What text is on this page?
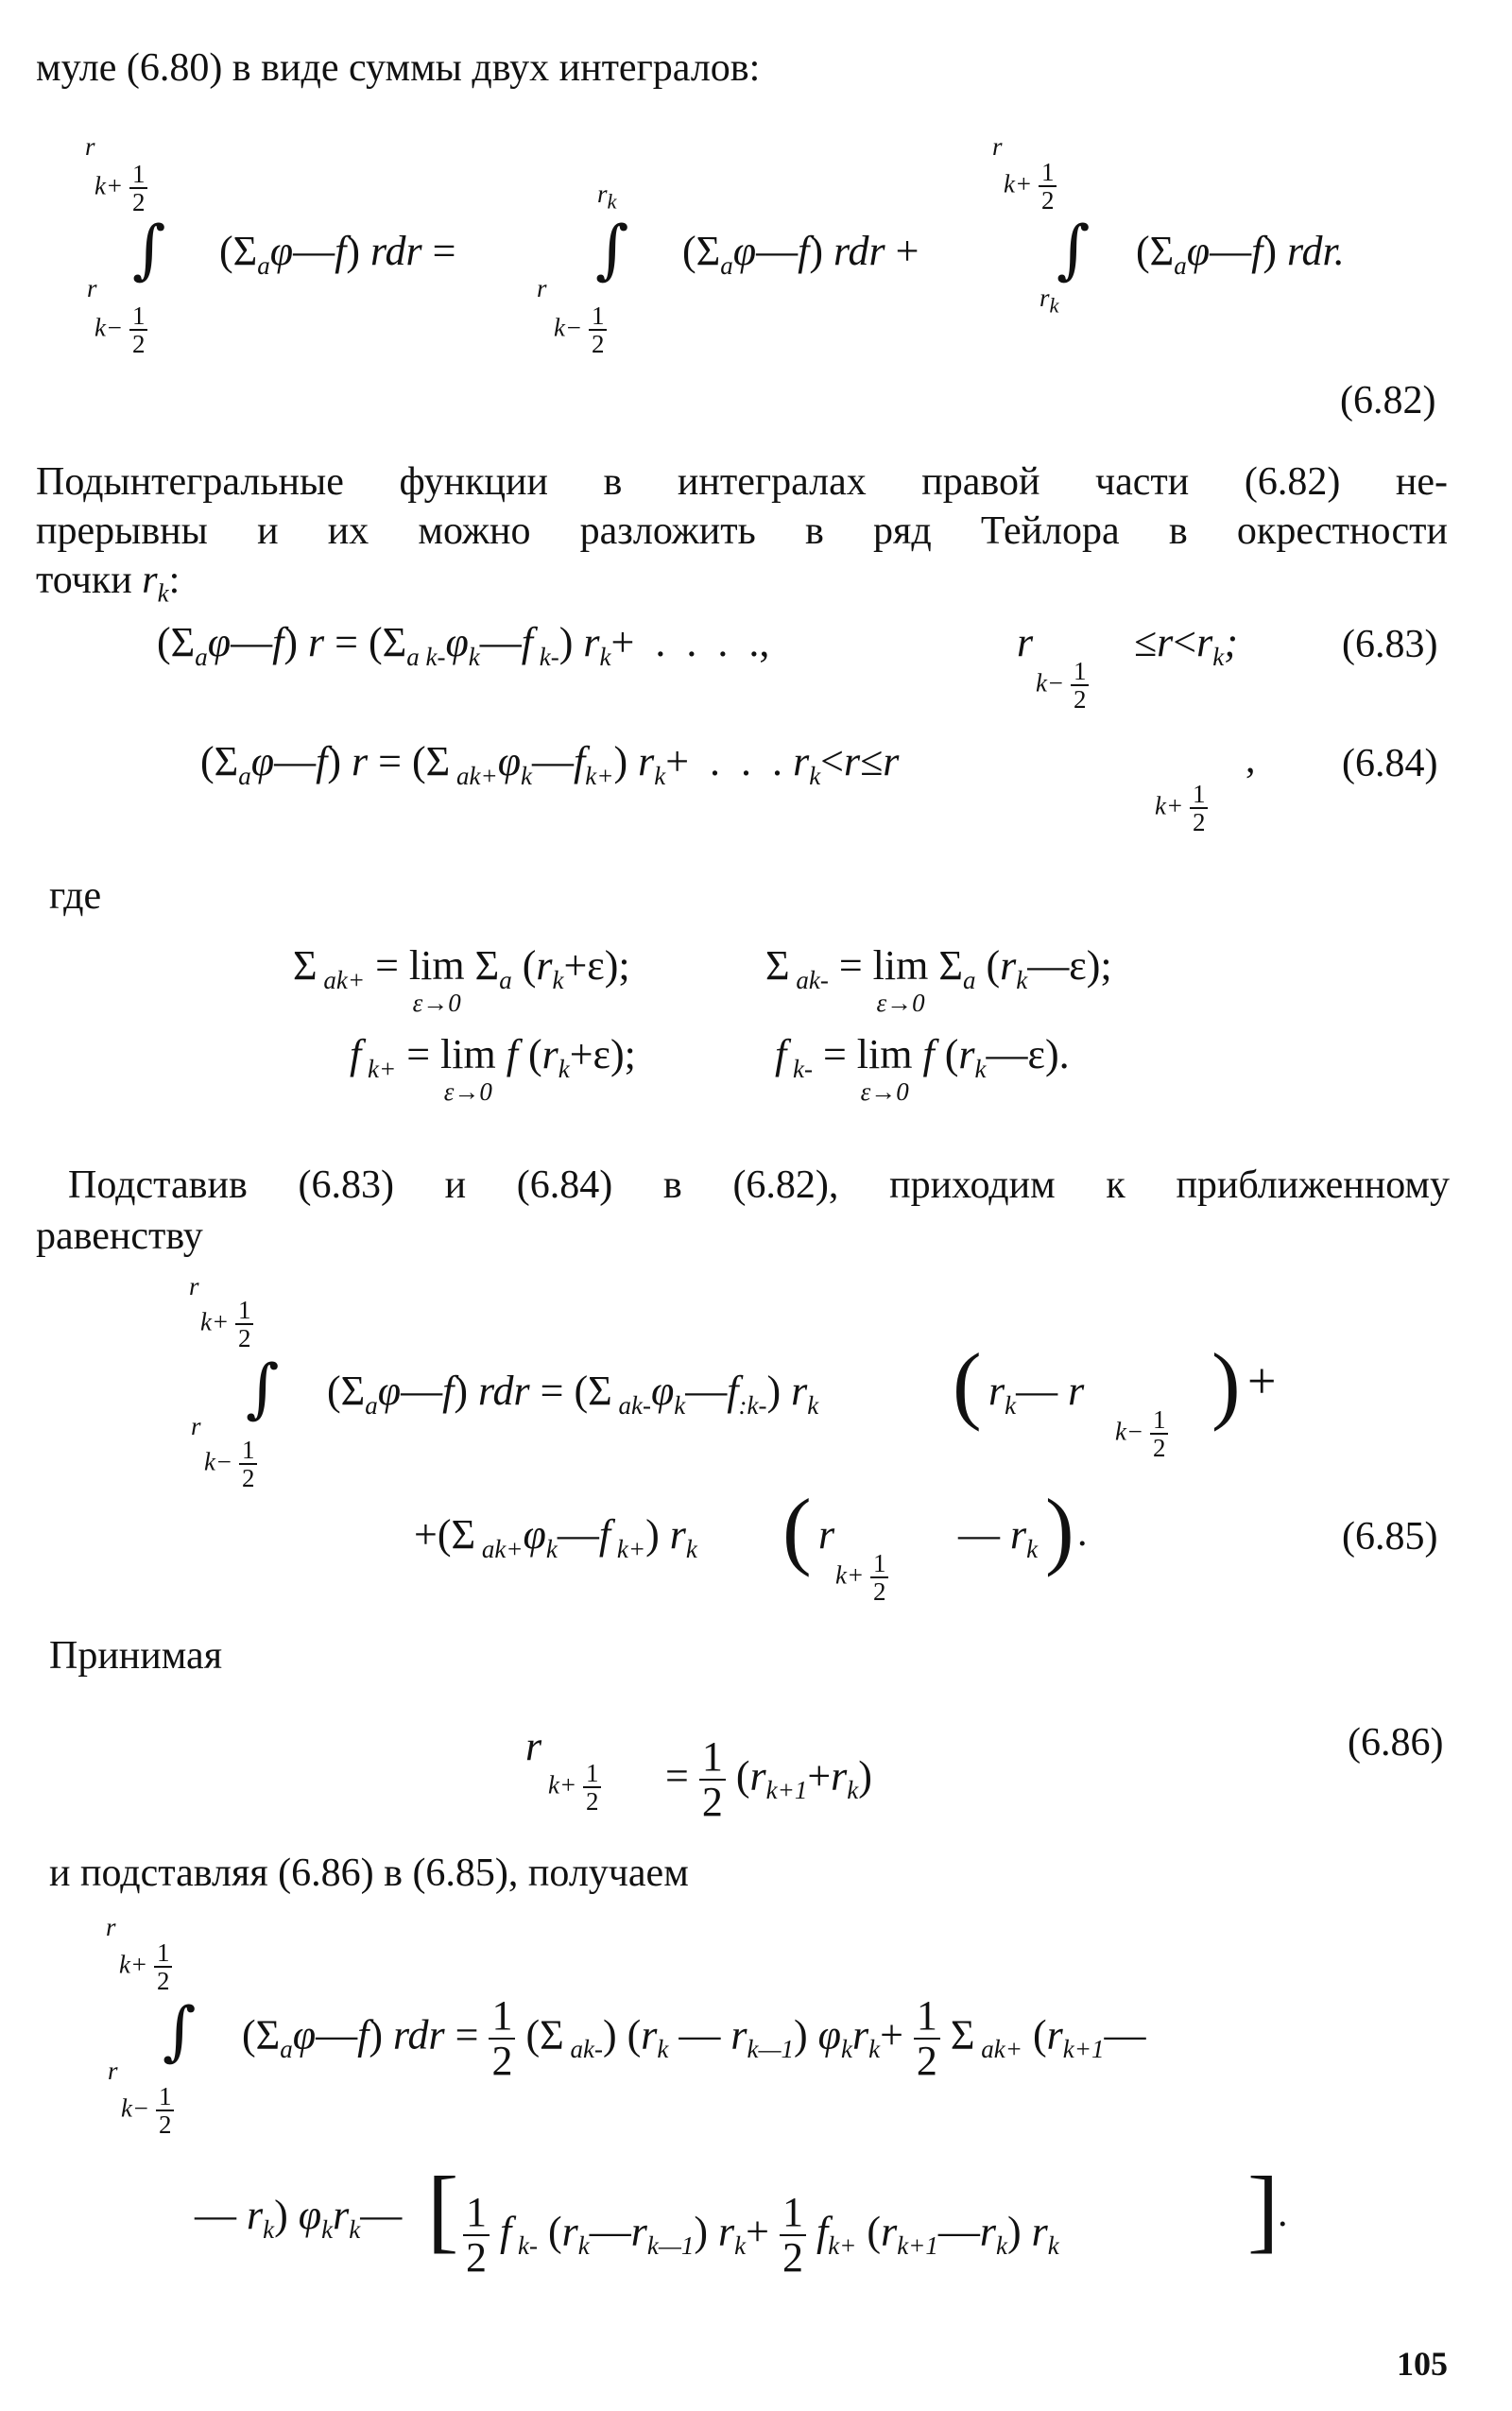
муле (6.80) в виде суммы двух интегралов:
r
$k+ \frac{1}{2}$
∫
r
$k- \frac{1}{2}$
$(\Sigma_a\varphi—f)$ rdr =
$r_k$
∫
r
$k- \frac{1}{2}$
$(\Sigma_a\varphi—f)$ rdr +
r
$k+ \frac{1}{2}$
∫
$r_k$
$(\Sigma_a\varphi—f)$ rdr.
(6.82)
Подынтегральные функции в интегралах правой части (6.82) не-
прерывны и их можно разложить в ряд Тейлора в окрестности
точки $r_k$:
$(\Sigma_a\varphi—f) r$ = ($\Sigma_{a k-}\varphi_k—f$ $_{k-}$) $r_k+$  .  .  .  .,	r
$k- \frac{1}{2}$
$\le r<r_k$;	(6.83)
$(\Sigma_a\varphi—f) r = (\Sigma$ $_{ak+}\varphi_k—f_{k+}$) $r_k+$  .  .  . $r_k<r\le r$
$k+ \frac{1}{2}$
, (6.84)
где
Σ $_{ak+}$ = lim
ε→0
$\Sigma_a$ $(r_k+\varepsilon)$;	Σ $_{ak-}$ = lim
ε→0
$\Sigma_a$ $(r_k—\varepsilon)$;
f $_{k+}$ = lim
ε→0
f $(r_k+\varepsilon)$;	f $_{k-}$ = lim
ε→0
f $(r_k—\varepsilon)$.
Подставив (6.83) и (6.84) в (6.82), приходим к приближенному
равенству
r
$k+ \frac{1}{2}$
∫
r
$k- \frac{1}{2}$
$(\Sigma_a\varphi—f)$ rdr = (Σ $_{ak-}\varphi_k—f_{:k-}$) $r_k$ ( $r_k—$ r
$k- \frac{1}{2}$
) +
+(Σ $_{ak+}\varphi_k—f$ $_{k+}$) $r_k$ ( r
$k+ \frac{1}{2}$
— $r_k$ ) .	(6.85)
Принимая
r
$k+ \frac{1}{2} = \frac{1}{2} (r_{k+1}+r_k)$
(6.86)
и подставляя (6.86) в (6.85), получаем
r
$k+ \frac{1}{2}$
∫
r
$k- \frac{1}{2}$
$(\Sigma_a\varphi—f)$ rdr = $\frac{1}{2} (\Sigma$ $_{ak-}$) ($r_k$ — $r_{k—1}$) $\varphi_kr_k+ \frac{1}{2}$ Σ $_{ak+}$ ($r_{k+1}—$
— $r_k$) $\varphi_kr_k—$ [ $\frac{1}{2}$ f $_{k-}$ $(r_k—r_{k—1})$ $r_k+ \frac{1}{2} f_{k+}$ $(r_{k+1}—r_k)$ $r_k$ ]
.
105
